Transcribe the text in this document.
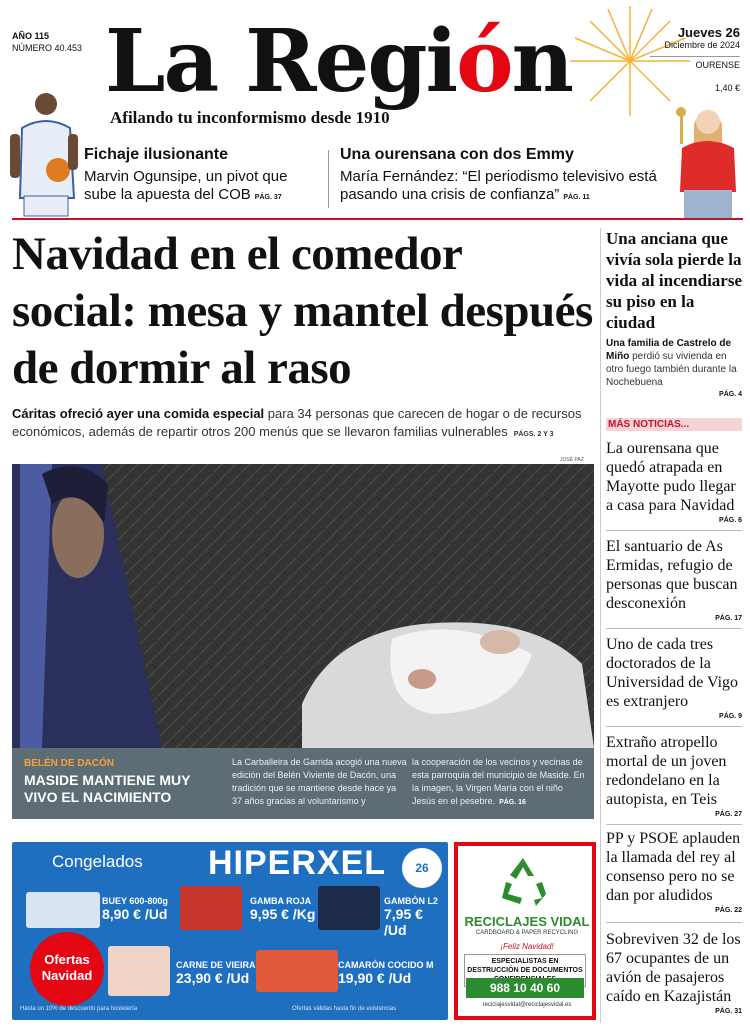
AÑO 115
NÚMERO 40.453 La Región
Afilando tu inconformismo desde 1910
Jueves 26
Diciembre de 2024
OURENSE
1,40 €
Fichaje ilusionante
Marvin Ogunsipe, un pivot que sube la apuesta del COB PÁG. 37
Una ourensana con dos Emmy
María Fernández: “El periodismo televisivo está pasando una crisis de confianza” PÁG. 11
Navidad en el comedor social: mesa y mantel después de dormir al raso
Cáritas ofreció ayer una comida especial para 34 personas que carecen de hogar o de recursos económicos, además de repartir otros 200 menús que se llevaron familias vulnerables PÁGS. 2 Y 3
JOSÉ PAZ
BELÉN DE DACÓN
MASIDE MANTIENE MUY VIVO EL NACIMIENTO
La Carballeira de Garrida acogió una nueva edición del Belén Viviente de Dacón, una tradición que se mantiene desde hace ya 37 años gracias al voluntarismo y
la cooperación de los vecinos y vecinas de esta parroquia del municipio de Maside. En la imagen, la Virgen María con el niño Jesús en el pesebre. PÁG. 16
Una anciana que vivía sola pierde la vida al incendiarse su piso en la ciudad
Una familia de Castrelo de Miño perdió su vivienda en otro fuego también durante la Nochebuena
PÁG. 4
MÁS NOTICIAS...
La ourensana que quedó atrapada en Mayotte pudo llegar a casa para Navidad
PÁG. 6
El santuario de As Ermidas, refugio de personas que buscan desconexión
PÁG. 17
Uno de cada tres doctorados de la Universidad de Vigo es extranjero
PÁG. 9
Extraño atropello mortal de un joven redondelano en la autopista, en Teis
PÁG. 27
PP y PSOE aplauden la llamada del rey al consenso pero no se dan por aludidos
PÁG. 22
Sobreviven 32 de los 67 ocupantes de un avión de pasajeros caído en Kazajistán
PÁG. 31
Congelados HIPERXEL	26
BUEY 600-800g
8,90 € /Ud
GAMBA ROJA
9,95 € /Kg
GAMBÓN L2
7,95 € /Ud
CARNE DE VIEIRA
23,90 € /Ud
CAMARÓN COCIDO M
19,90 € /Ud
Ofertas Navidad
Hasta un 10% de descuento para hostelería	Ofertas válidas hasta fin de existencias
RECICLAJES VIDAL
CARDBOARD & PAPER RECYCLING
¡Feliz Navidad!
ESPECIALISTAS EN DESTRUCCIÓN DE DOCUMENTOS
988 10 40 60
reciclajesvidal@reciclajesvidal.es
